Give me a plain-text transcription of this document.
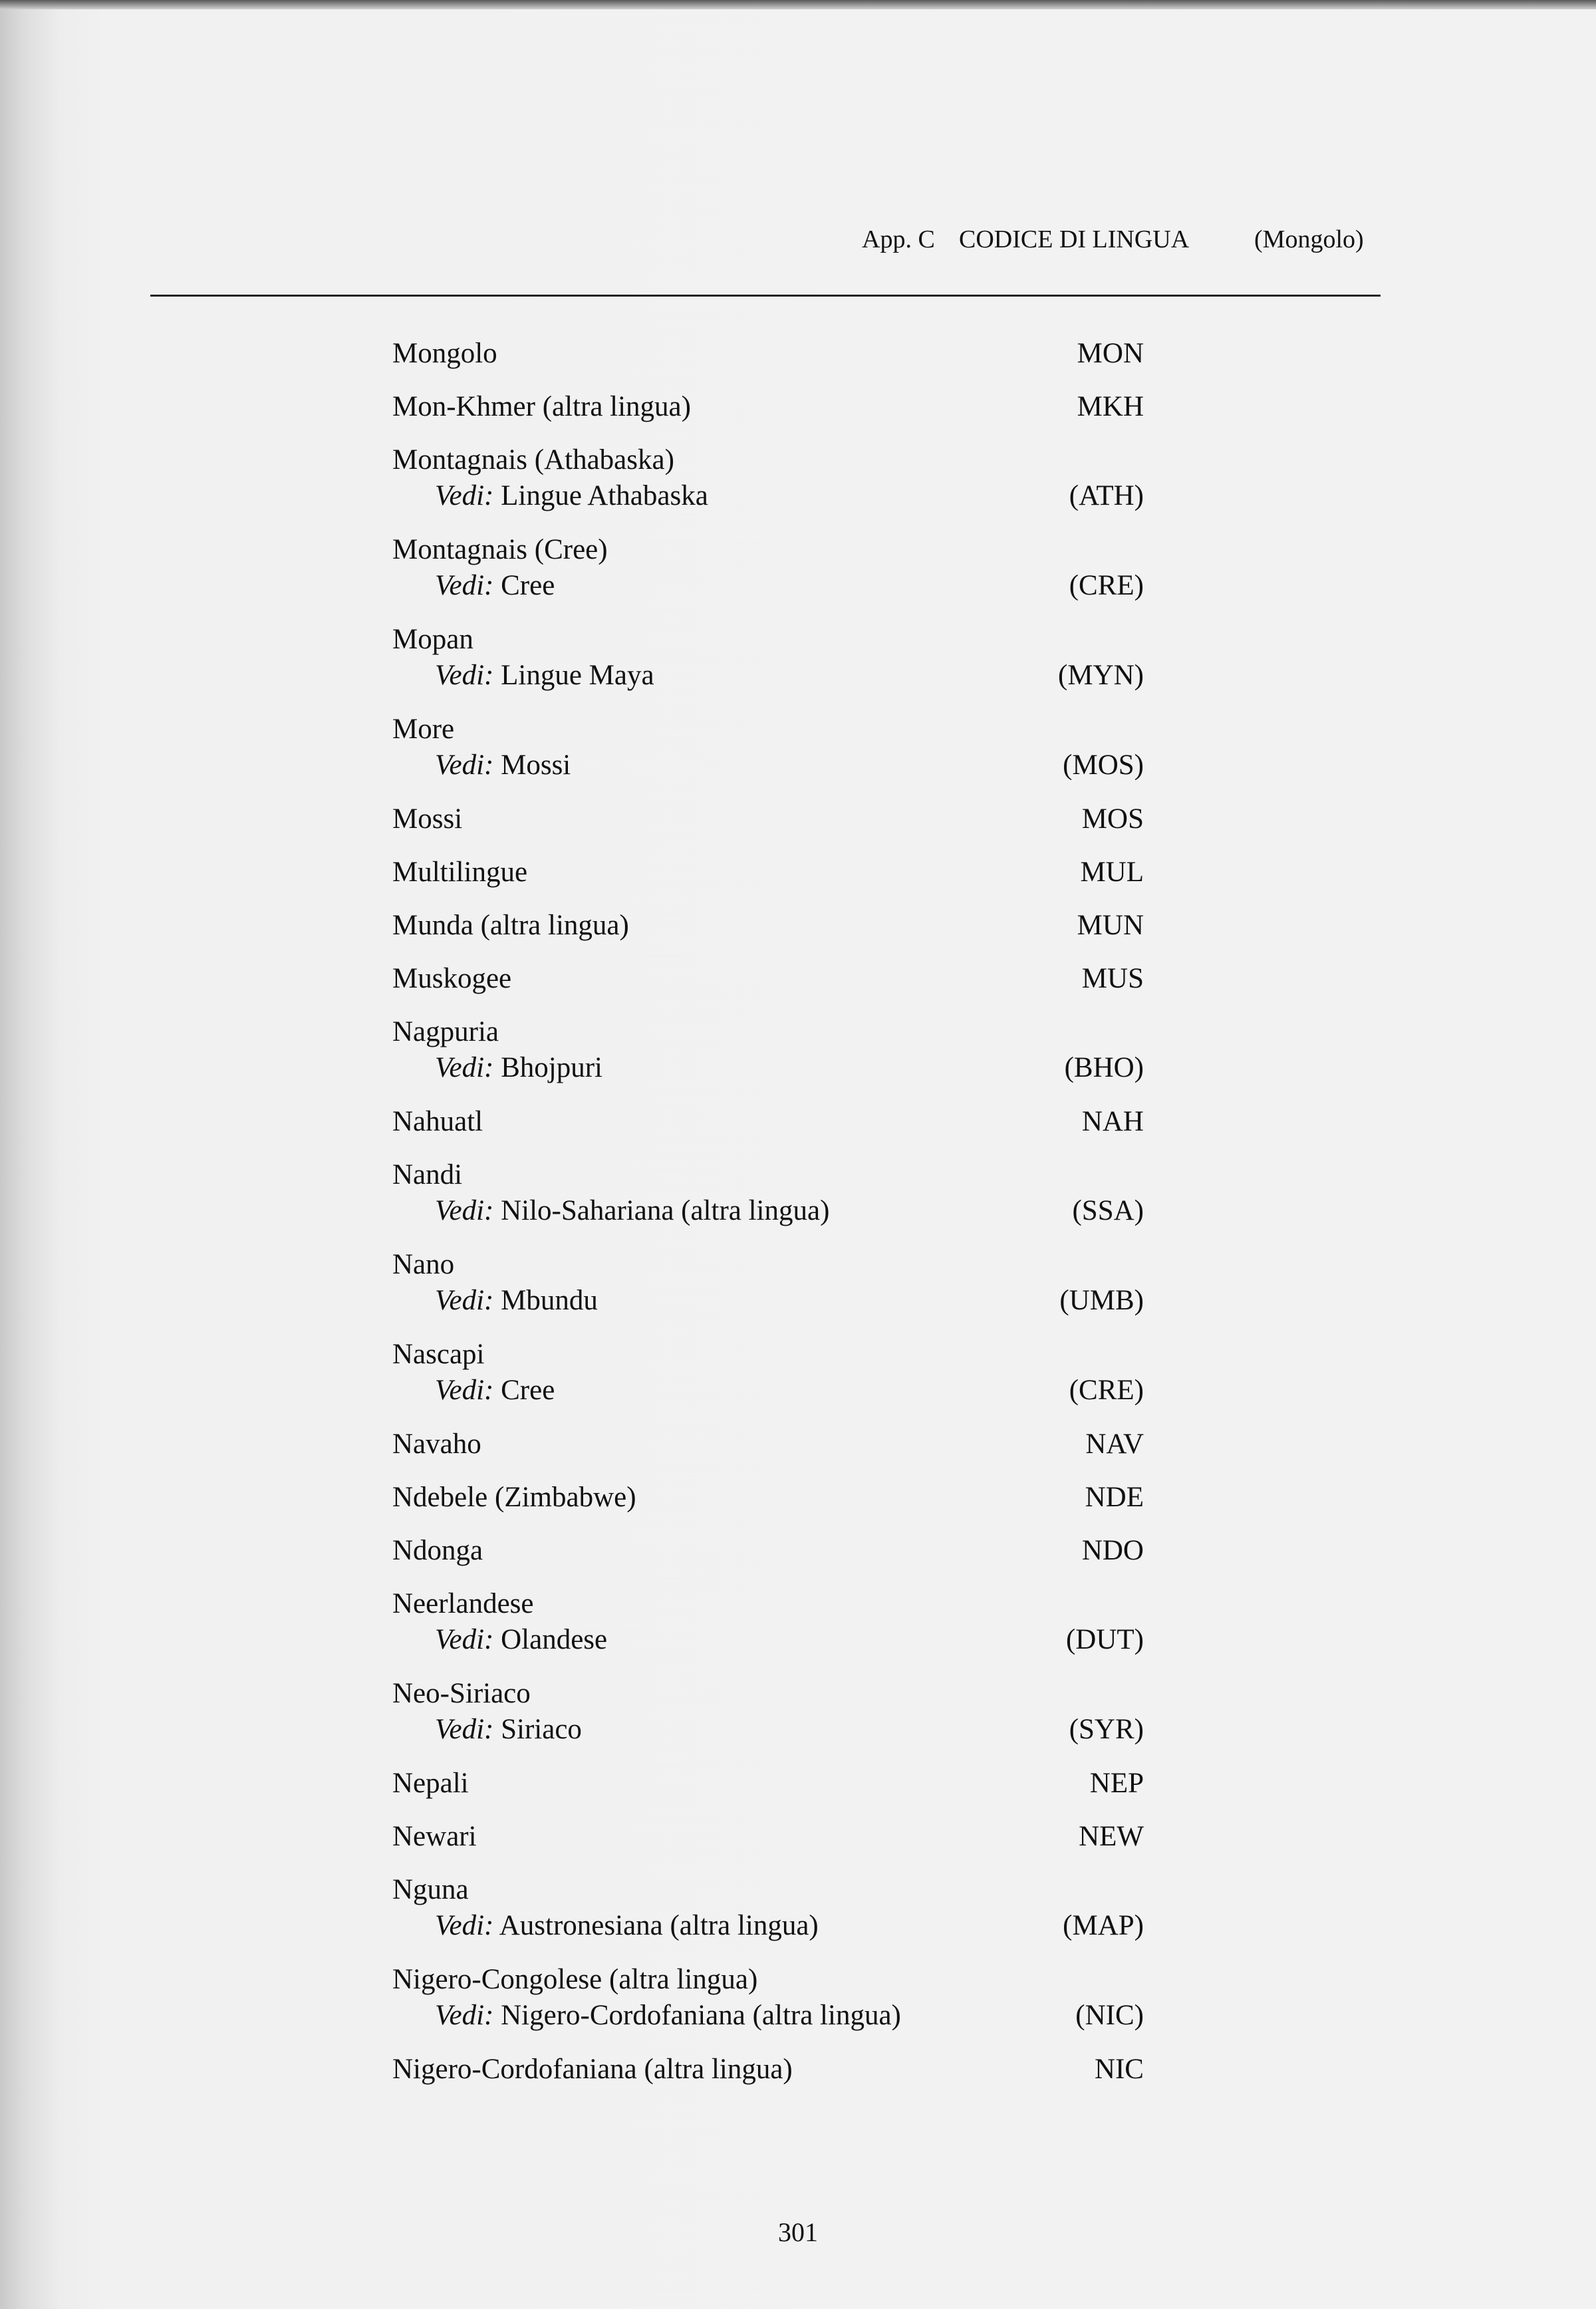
App. C CODICE DI LINGUA	(Mongolo)
Mongolo	MON
Mon-Khmer (altra lingua)	MKH
Montagnais (Athabaska)
Vedi: Lingue Athabaska	(ATH)
Montagnais (Cree)
Vedi: Cree	(CRE)
Mopan
Vedi: Lingue Maya	(MYN)
More
Vedi: Mossi	(MOS)
Mossi	MOS
Multilingue	MUL
Munda (altra lingua)	MUN
Muskogee	MUS
Nagpuria
Vedi: Bhojpuri	(BHO)
Nahuatl	NAH
Nandi
Vedi: Nilo-Sahariana (altra lingua)	(SSA)
Nano
Vedi: Mbundu	(UMB)
Nascapi
Vedi: Cree	(CRE)
Navaho	NAV
Ndebele (Zimbabwe)	NDE
Ndonga	NDO
Neerlandese
Vedi: Olandese	(DUT)
Neo-Siriaco
Vedi: Siriaco	(SYR)
Nepali	NEP
Newari	NEW
Nguna
Vedi: Austronesiana (altra lingua)	(MAP)
Nigero-Congolese (altra lingua)
Vedi: Nigero-Cordofaniana (altra lingua)	(NIC)
Nigero-Cordofaniana (altra lingua)	NIC
301
